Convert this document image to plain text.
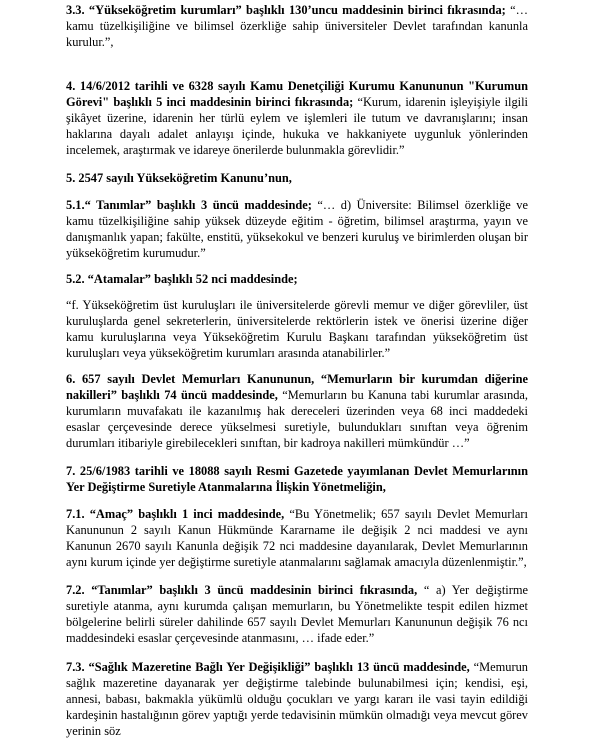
3.3. “Yükseköğretim kurumları” başlıklı 130’uncu maddesinin birinci fıkrasında; “… kamu tüzelkişiliğine ve bilimsel özerkliğe sahip üniversiteler Devlet tarafından kanunla kurulur.”,

4. 14/6/2012 tarihli ve 6328 sayılı Kamu Denetçiliği Kurumu Kanununun "Kurumun Görevi" başlıklı 5 inci maddesinin birinci fıkrasında; “Kurum, idarenin işleyişiyle ilgili şikâyet üzerine, idarenin her türlü eylem ve işlemleri ile tutum ve davranışlarını; insan haklarına dayalı adalet anlayışı içinde, hukuka ve hakkaniyete uygunluk yönlerinden incelemek, araştırmak ve idareye önerilerde bulunmakla görevlidir.”

5. 2547 sayılı Yükseköğretim Kanunu’nun,

5.1.“ Tanımlar” başlıklı 3 üncü maddesinde; “… d) Üniversite: Bilimsel özerkliğe ve kamu tüzelkişiliğine sahip yüksek düzeyde eğitim - öğretim, bilimsel araştırma, yayın ve danışmanlık yapan; fakülte, enstitü, yüksekokul ve benzeri kuruluş ve birimlerden oluşan bir yükseköğretim kurumudur.”

5.2. “Atamalar” başlıklı 52 nci maddesinde;

“f. Yükseköğretim üst kuruluşları ile üniversitelerde görevli memur ve diğer görevliler, üst kuruluşlarda genel sekreterlerin, üniversitelerde rektörlerin istek ve önerisi üzerine diğer kamu kuruluşlarına veya Yükseköğretim Kurulu Başkanı tarafından yükseköğretim üst kuruluşları veya yükseköğretim kurumları arasında atanabilirler.”

6. 657 sayılı Devlet Memurları Kanununun, “Memurların bir kurumdan diğerine nakilleri” başlıklı 74 üncü maddesinde, “Memurların bu Kanuna tabi kurumlar arasında, kurumların muvafakatı ile kazanılmış hak dereceleri üzerinden veya 68 inci maddedeki esaslar çerçevesinde derece yükselmesi suretiyle, bulundukları sınıftan veya öğrenim durumları itibariyle girebilecekleri sınıftan, bir kadroya nakilleri mümkündür …”

7. 25/6/1983 tarihli ve 18088 sayılı Resmi Gazetede yayımlanan Devlet Memurlarının Yer Değiştirme Suretiyle Atanmalarına İlişkin Yönetmeliğin,

7.1. “Amaç” başlıklı 1 inci maddesinde, “Bu Yönetmelik; 657 sayılı Devlet Memurları Kanununun 2 sayılı Kanun Hükmünde Kararname ile değişik 2 nci maddesi ve aynı Kanunun 2670 sayılı Kanunla değişik 72 nci maddesine dayanılarak, Devlet Memurlarının aynı kurum içinde yer değiştirme suretiyle atanmalarını sağlamak amacıyla düzenlenmiştir.”,

7.2. “Tanımlar” başlıklı 3 üncü maddesinin birinci fıkrasında, “ a) Yer değiştirme suretiyle atanma, aynı kurumda çalışan memurların, bu Yönetmelikte tespit edilen hizmet bölgelerine belirli süreler dahilinde 657 sayılı Devlet Memurları Kanununun değişik 76 ncı maddesindeki esaslar çerçevesinde atanmasını, … ifade eder.”

7.3. “Sağlık Mazeretine Bağlı Yer Değişikliği” başlıklı 13 üncü maddesinde, “Memurun sağlık mazeretine dayanarak yer değiştirme talebinde bulunabilmesi için; kendisi, eşi, annesi, babası, bakmakla yükümlü olduğu çocukları ve yargı kararı ile vasi tayin edildiği kardeşinin hastalığının görev yaptığı yerde tedavisinin mümkün olmadığı veya mevcut görev yerinin söz
